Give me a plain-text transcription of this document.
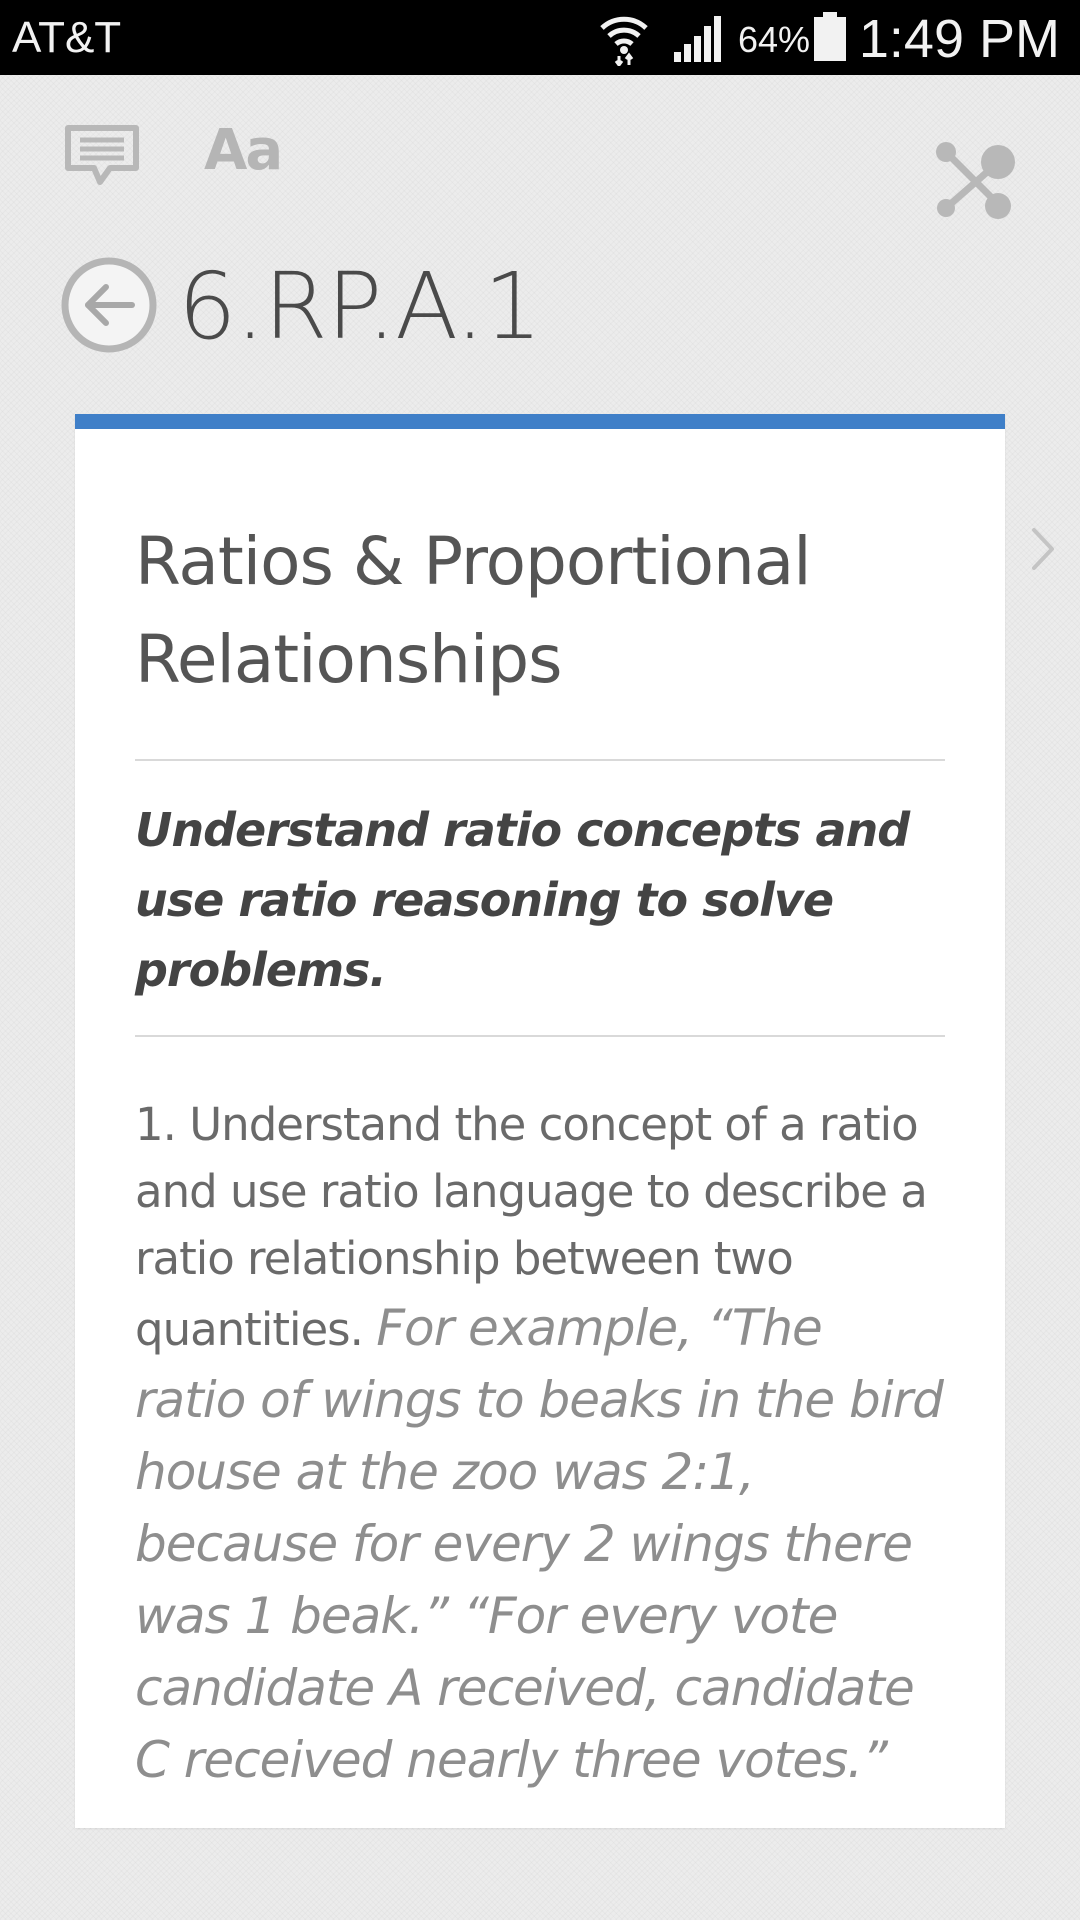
AT&T	64% 1:49 PM
Aa
6.RP.A.1
Ratios & Proportional Relationships

Understand ratio concepts and use ratio reasoning to solve problems.

1. Understand the concept of a ratio and use ratio language to describe a ratio relationship between two quantities. For example, “The ratio of wings to beaks in the bird house at the zoo was 2:1, because for every 2 wings there was 1 beak.” “For every vote candidate A received, candidate C received nearly three votes.”
